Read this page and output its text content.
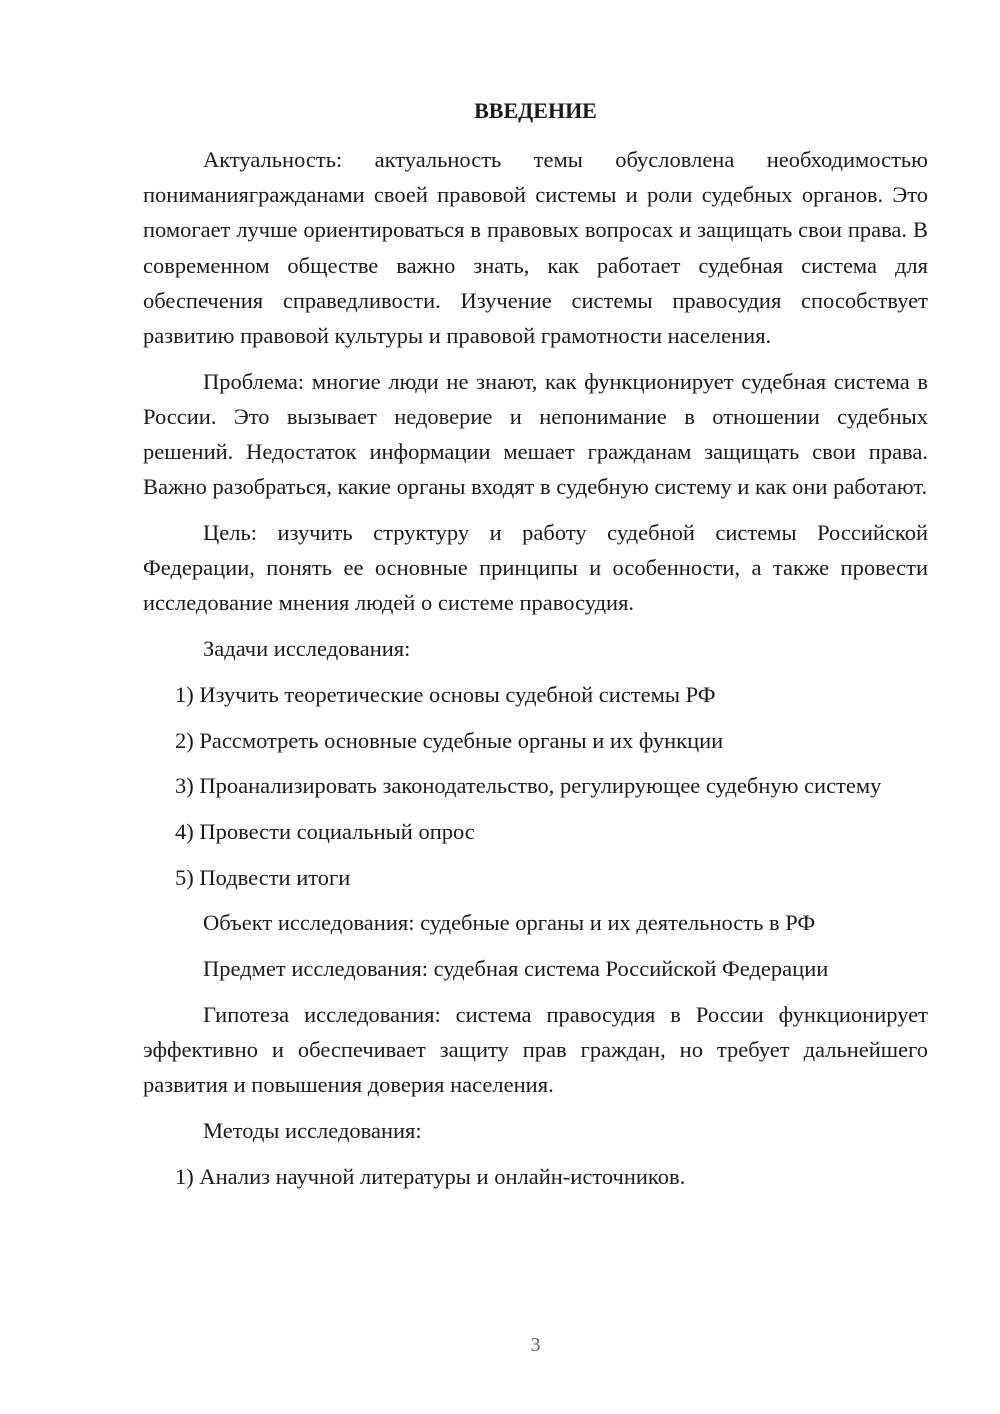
ВВЕДЕНИЕ

Актуальность: актуальность темы обусловлена необходимостью пониманиягражданами своей правовой системы и роли судебных органов. Это помогает лучше ориентироваться в правовых вопросах и защищать свои права. В современном обществе важно знать, как работает судебная система для обеспечения справедливости. Изучение системы правосудия способствует развитию правовой культуры и правовой грамотности населения.

Проблема: многие люди не знают, как функционирует судебная система в России. Это вызывает недоверие и непонимание в отношении судебных решений. Недостаток информации мешает гражданам защищать свои права. Важно разобраться, какие органы входят в судебную систему и как они работают.

Цель: изучить структуру и работу судебной системы Российской Федерации, понять ее основные принципы и особенности, а также провести исследование мнения людей о системе правосудия.

Задачи исследования:

1) Изучить теоретические основы судебной системы РФ

2) Рассмотреть основные судебные органы и их функции

3) Проанализировать законодательство, регулирующее судебную систему

4) Провести социальный опрос

5) Подвести итоги

Объект исследования: судебные органы и их деятельность в РФ

Предмет исследования: судебная система Российской Федерации

Гипотеза исследования: система правосудия в России функционирует эффективно и обеспечивает защиту прав граждан, но требует дальнейшего развития и повышения доверия населения.

Методы исследования:

1) Анализ научной литературы и онлайн-источников.

3
